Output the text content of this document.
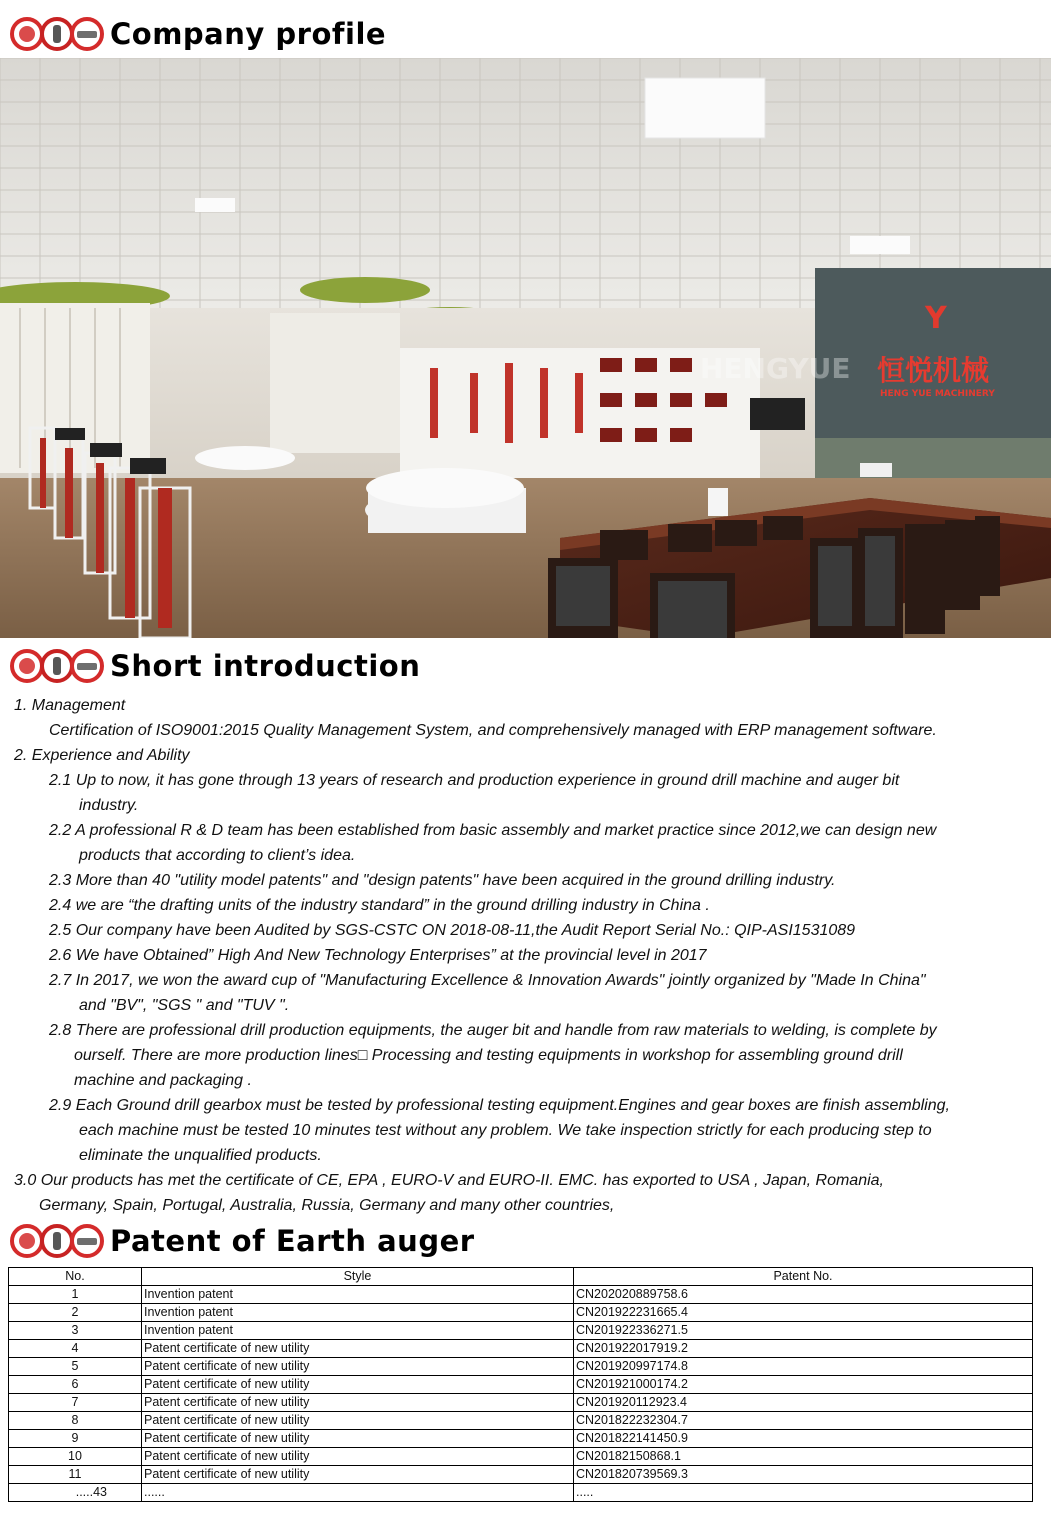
Company profile
Y
恒悦机械
HENG YUE MACHINERY
HENGYUE
Short introduction
1. Management
Certification of ISO9001:2015 Quality Management System, and comprehensively managed with ERP management software.
2. Experience and Ability
2.1 Up to now, it has gone through 13 years of research and production experience in ground drill machine and auger bit
industry.
2.2 A professional R & D team has been established from basic assembly and market practice since 2012,we can design new
products that according to client’s idea.
2.3 More than 40 "utility model patents" and "design patents" have been acquired in the ground drilling industry.
2.4 we are “the drafting units of the industry standard” in the ground drilling industry in China .
2.5 Our company have been Audited by SGS-CSTC ON 2018-08-11,the Audit Report Serial No.: QIP-ASI1531089
2.6 We have Obtained” High And New Technology Enterprises” at the provincial level in 2017
2.7 In 2017, we won the award cup of "Manufacturing Excellence & Innovation Awards" jointly organized by "Made In China"
and "BV", "SGS " and "TUV ".
2.8 There are professional drill production equipments, the auger bit and handle from raw materials to welding, is complete by
ourself. There are more production lines□ Processing and testing equipments in workshop for assembling ground drill
machine and packaging .
2.9 Each Ground drill gearbox must be tested by professional testing equipment.Engines and gear boxes are finish assembling,
each machine must be tested 10 minutes test without any problem. We take inspection strictly for each producing step to
eliminate the unqualified products.
3.0 Our products has met the certificate of CE, EPA , EURO-V and EURO-II. EMC. has exported to USA , Japan, Romania,
Germany, Spain, Portugal, Australia, Russia, Germany and many other countries,
Patent of Earth auger
No.	Style	Patent No.
1	Invention patent	CN202020889758.6
2	Invention patent	CN201922231665.4
3	Invention patent	CN201922336271.5
4	Patent certificate of new utility	CN201922017919.2
5	Patent certificate of new utility	CN201920997174.8
6	Patent certificate of new utility	CN201921000174.2
7	Patent certificate of new utility	CN201920112923.4
8	Patent certificate of new utility	CN201822232304.7
9	Patent certificate of new utility	CN201822141450.9
10	Patent certificate of new utility	CN20182150868.1
11	Patent certificate of new utility	CN201820739569.3
.....43	......	.....
